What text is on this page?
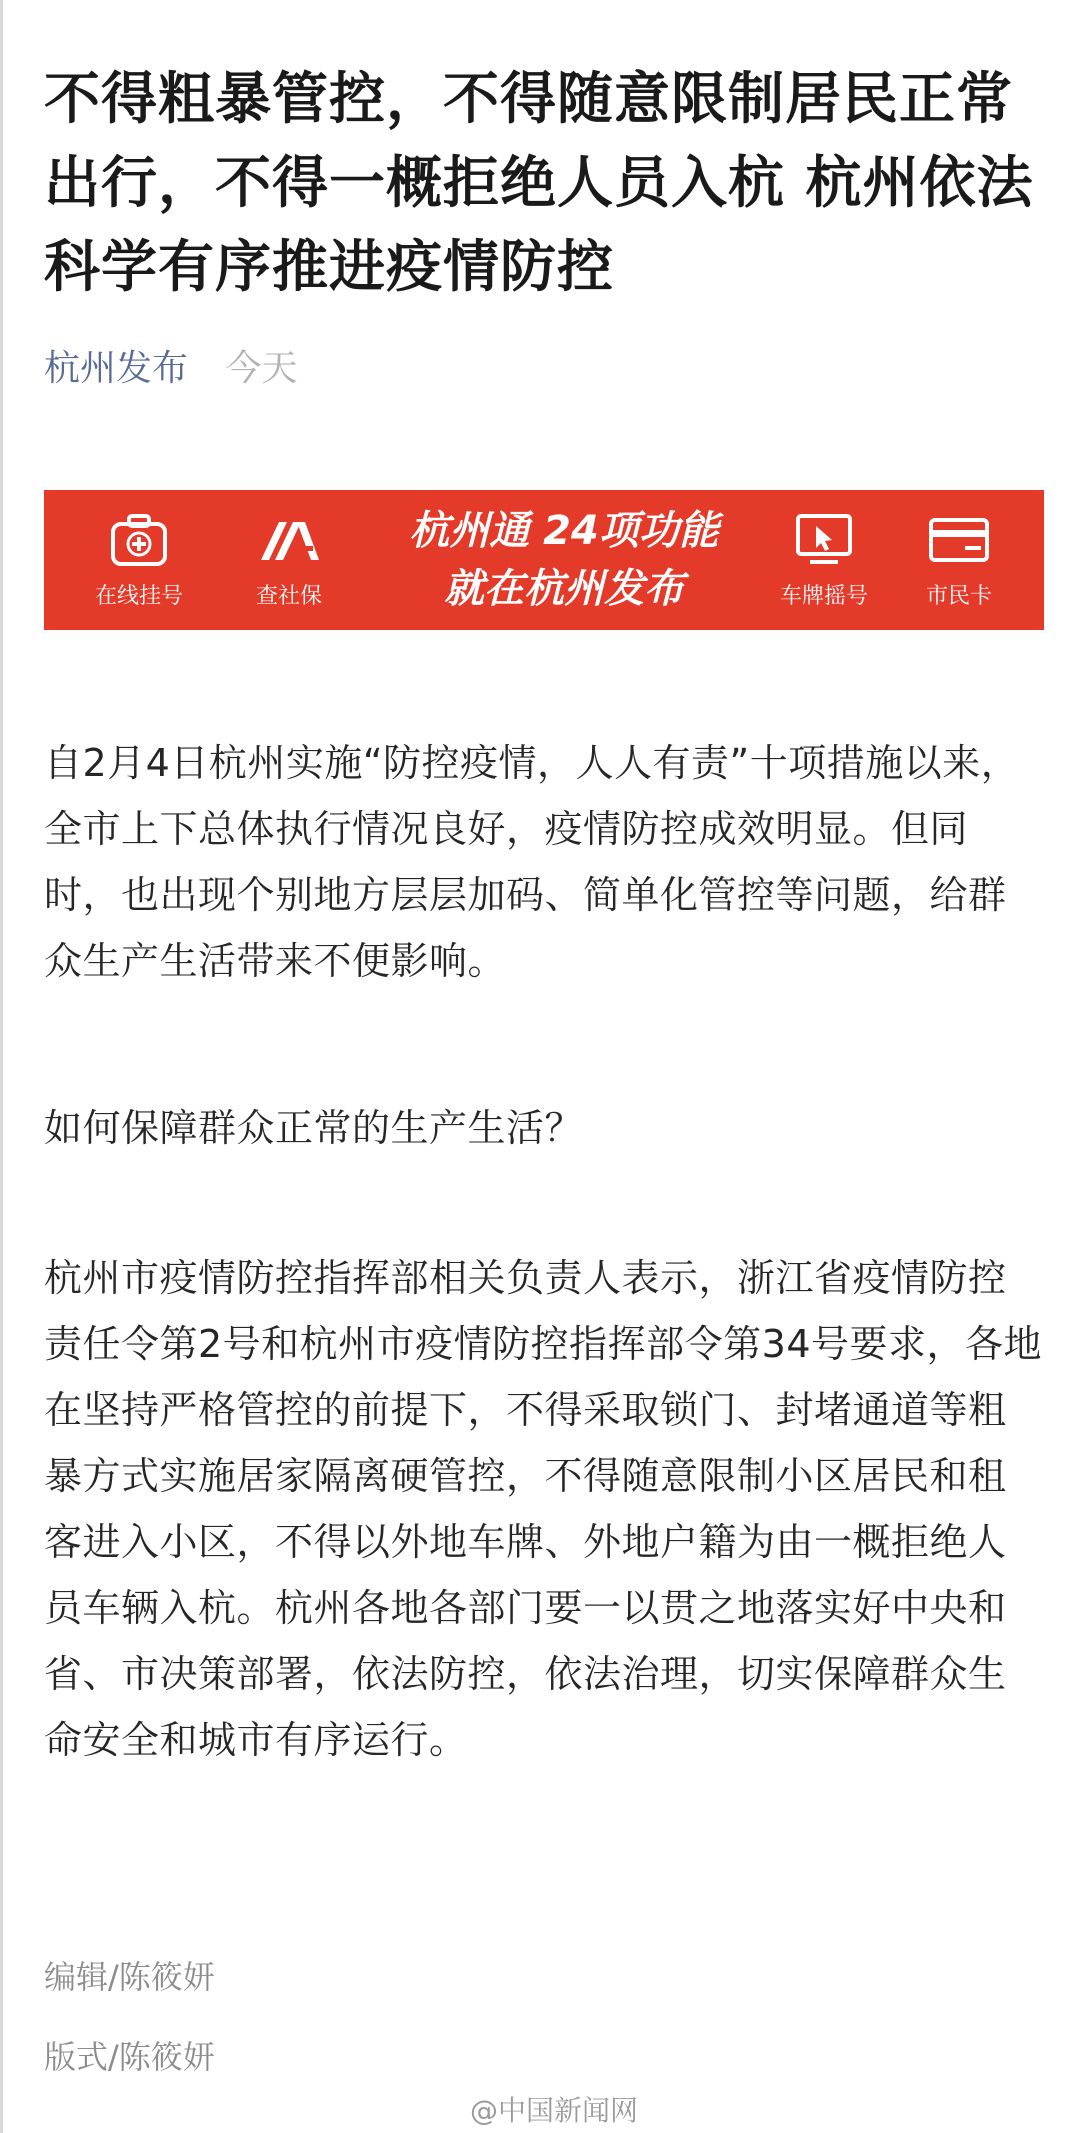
不得粗暴管控，不得随意限制居民正常出行，不得一概拒绝人员入杭 杭州依法科学有序推进疫情防控
杭州发布 今天
在线挂号	查社保
杭州通 24项功能
就在杭州发布	车牌摇号	市民卡
自2月4日杭州实施“防控疫情，人人有责”十项措施以来，全市上下总体执行情况良好，疫情防控成效明显。但同时，也出现个别地方层层加码、简单化管控等问题，给群众生产生活带来不便影响。
如何保障群众正常的生产生活？
杭州市疫情防控指挥部相关负责人表示，浙江省疫情防控责任令第2号和杭州市疫情防控指挥部令第34号要求，各地在坚持严格管控的前提下，不得采取锁门、封堵通道等粗暴方式实施居家隔离硬管控，不得随意限制小区居民和租客进入小区，不得以外地车牌、外地户籍为由一概拒绝人员车辆入杭。杭州各地各部门要一以贯之地落实好中央和省、市决策部署，依法防控，依法治理，切实保障群众生命安全和城市有序运行。
编辑/陈筱妍
版式/陈筱妍
@中国新闻网
